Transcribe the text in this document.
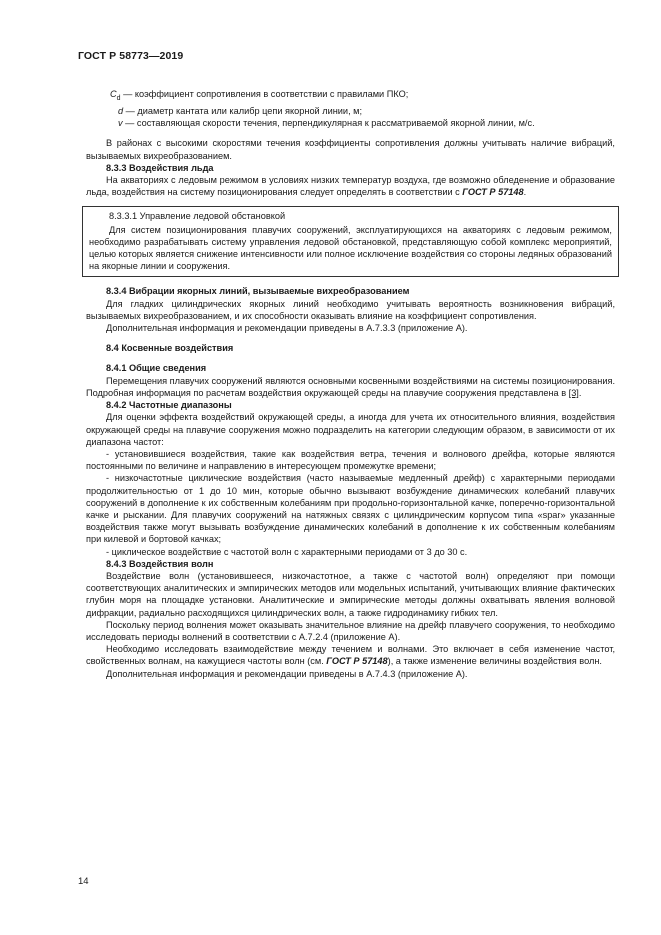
ГОСТ Р 58773—2019

$C_d$ — коэффициент сопротивления в соответствии с правилами ПКО;

d — диаметр кантата или калибр цепи якорной линии, м;

v — составляющая скорости течения, перпендикулярная к рассматриваемой якорной линии, м/с.

В районах с высокими скоростями течения коэффициенты сопротивления должны учитывать наличие вибраций, вызываемых вихреобразованием.

8.3.3 Воздействия льда

На акваториях с ледовым режимом в условиях низких температур воздуха, где возможно обледенение и образование льда, воздействия на систему позиционирования следует определять в соответствии с ГОСТ Р 57148.

8.3.3.1 Управление ледовой обстановкой

Для систем позиционирования плавучих сооружений, эксплуатирующихся на акваториях с ледовым режимом, необходимо разрабатывать систему управления ледовой обстановкой, представляющую собой комплекс мероприятий, целью которых является снижение интенсивности или полное исключение воздействия со стороны ледяных образований на якорные линии и сооружения.

8.3.4 Вибрации якорных линий, вызываемые вихреобразованием

Для гладких цилиндрических якорных линий необходимо учитывать вероятность возникновения вибраций, вызываемых вихреобразованием, и их способности оказывать влияние на коэффициент сопротивления.

Дополнительная информация и рекомендации приведены в А.7.3.3 (приложение А).

8.4 Косвенные воздействия

8.4.1 Общие сведения

Перемещения плавучих сооружений являются основными косвенными воздействиями на системы позиционирования. Подробная информация по расчетам воздействия окружающей среды на плавучие сооружения представлена в [3].

8.4.2 Частотные диапазоны

Для оценки эффекта воздействий окружающей среды, а иногда для учета их относительного влияния, воздействия окружающей среды на плавучие сооружения можно подразделить на категории следующим образом, в зависимости от их диапазона частот:

- установившиеся воздействия, такие как воздействия ветра, течения и волнового дрейфа, которые являются постоянными по величине и направлению в интересующем промежутке времени;

- низкочастотные циклические воздействия (часто называемые медленный дрейф) с характерными периодами продолжительностью от 1 до 10 мин, которые обычно вызывают возбуждение динамических колебаний плавучих сооружений в дополнение к их собственным колебаниям при продольно-горизонтальной качке, поперечно-горизонтальной качке и рыскании. Для плавучих сооружений на натяжных связях с цилиндрическим корпусом типа «spar» указанные воздействия также могут вызывать возбуждение динамических колебаний в дополнение к их собственным колебаниям при килевой и бортовой качках;

- циклическое воздействие с частотой волн с характерными периодами от 3 до 30 с.

8.4.3 Воздействия волн

Воздействие волн (установившееся, низкочастотное, а также с частотой волн) определяют при помощи соответствующих аналитических и эмпирических методов или модельных испытаний, учитывающих влияние фактических глубин моря на площадке установки. Аналитические и эмпирические методы должны охватывать явления волновой дифракции, радиально расходящихся цилиндрических волн, а также гидродинамику гибких тел.

Поскольку период волнения может оказывать значительное влияние на дрейф плавучего сооружения, то необходимо исследовать периоды волнений в соответствии с А.7.2.4 (приложение А).

Необходимо исследовать взаимодействие между течением и волнами. Это включает в себя изменение частот, свойственных волнам, на кажущиеся частоты волн (см. ГОСТ Р 57148), а также изменение величины воздействия волн.

Дополнительная информация и рекомендации приведены в А.7.4.3 (приложение А).

14
